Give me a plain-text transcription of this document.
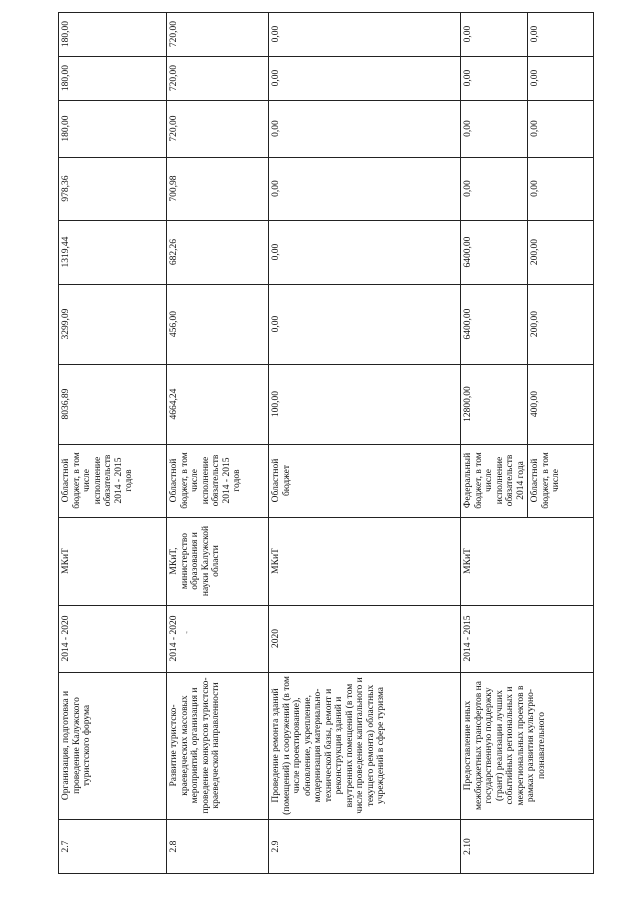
'
2.7
Организация, подготовка и проведение Калужского туристского форума
2014 - 2020
МКиТ
Областной бюджет, в том числе исполнение обязательств 2014 - 2015 годов
8036,89
3299,09
1319,44
978,36
180,00
180,00
180,00
2.8
Развитие туристско-краеведческих массовых мероприятий, организация и проведение конкурсов туристско-краеведческой направленности
2014 - 2020
МКиТ, министерство образования и науки Калужской области
Областной бюджет, в том числе исполнение обязательств 2014 - 2015 годов
4664,24
456,00
682,26
700,98
720,00
720,00
720,00
2.9
Проведение ремонта зданий (помещений) и сооружений (в том числе проектирование), обновление, укрепление, модернизация материально-технической базы, ремонт и реконструкция зданий и внутренних помещений (в том числе проведение капитального и текущего ремонта) областных учреждений в сфере туризма
2020
МКиТ
Областной бюджет
100,00
0,00
0,00
0,00
0,00
0,00
0,00
2.10
Предоставление иных межбюджетных трансфертов на государственную поддержку (грант) реализации лучших событийных региональных и межрегиональных проектов в рамках развития культурно-познавательного
2014 - 2015
МКиТ
Федеральный бюджет, в том числе исполнение обязательств 2014 года
12800,00
6400,00
6400,00
0,00
0,00
0,00
0,00
Областной бюджет, в том числе
400,00
200,00
200,00
0,00
0,00
0,00
0,00
